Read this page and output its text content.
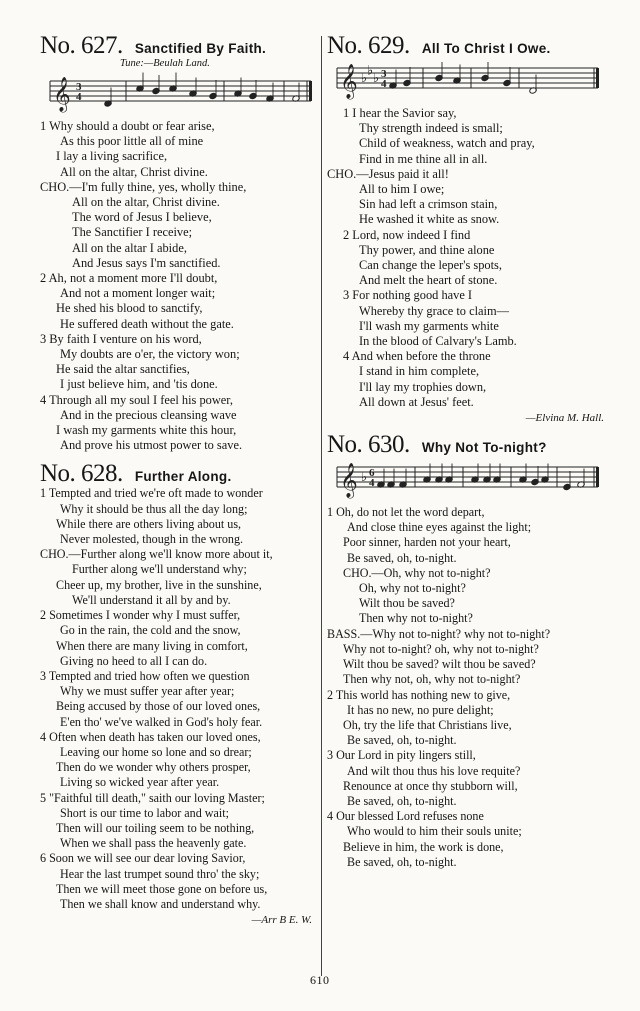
No. 627. Sanctified By Faith.
Tune:—Beulah Land.
𝄞 3
4
1 Why should a doubt or fear arise,
As this poor little all of mine
I lay a living sacrifice,
All on the altar, Christ divine.
CHO.—I'm fully thine, yes, wholly thine,
All on the altar, Christ divine.
The word of Jesus I believe,
The Sanctifier I receive;
All on the altar I abide,
And Jesus says I'm sanctified.
2 Ah, not a moment more I'll doubt,
And not a moment longer wait;
He shed his blood to sanctify,
He suffered death without the gate.
3 By faith I venture on his word,
My doubts are o'er, the victory won;
He said the altar sanctifies,
I just believe him, and 'tis done.
4 Through all my soul I feel his power,
And in the precious cleansing wave
I wash my garments white this hour,
And prove his utmost power to save.
No. 628. Further Along.
1 Tempted and tried we're oft made to wonder
Why it should be thus all the day long;
While there are others living about us,
Never molested, though in the wrong.
CHO.—Further along we'll know more about it,
Further along we'll understand why;
Cheer up, my brother, live in the sunshine,
We'll understand it all by and by.
2 Sometimes I wonder why I must suffer,
Go in the rain, the cold and the snow,
When there are many living in comfort,
Giving no heed to all I can do.
3 Tempted and tried how often we question
Why we must suffer year after year;
Being accused by those of our loved ones,
E'en tho' we've walked in God's holy fear.
4 Often when death has taken our loved ones,
Leaving our home so lone and so drear;
Then do we wonder why others prosper,
Living so wicked year after year.
5 "Faithful till death," saith our loving Master;
Short is our time to labor and wait;
Then will our toiling seem to be nothing,
When we shall pass the heavenly gate.
6 Soon we will see our dear loving Savior,
Hear the last trumpet sound thro' the sky;
Then we will meet those gone on before us,
Then we shall know and understand why.
—Arr B E. W.
No. 629. All To Christ I Owe.
𝄞 ♭ ♭ ♭ 3
4
1 I hear the Savior say,
Thy strength indeed is small;
Child of weakness, watch and pray,
Find in me thine all in all.
CHO.—Jesus paid it all!
All to him I owe;
Sin had left a crimson stain,
He washed it white as snow.
2 Lord, now indeed I find
Thy power, and thine alone
Can change the leper's spots,
And melt the heart of stone.
3 For nothing good have I
Whereby thy grace to claim—
I'll wash my garments white
In the blood of Calvary's Lamb.
4 And when before the throne
I stand in him complete,
I'll lay my trophies down,
All down at Jesus' feet.
—Elvina M. Hall.
No. 630. Why Not To-night?
𝄞 ♭ 6
4
1 Oh, do not let the word depart,
And close thine eyes against the light;
Poor sinner, harden not your heart,
Be saved, oh, to-night.
CHO.—Oh, why not to-night?
Oh, why not to-night?
Wilt thou be saved?
Then why not to-night?
BASS.—Why not to-night? why not to-night?
Why not to-night? oh, why not to-night?
Wilt thou be saved? wilt thou be saved?
Then why not, oh, why not to-night?
2 This world has nothing new to give,
It has no new, no pure delight;
Oh, try the life that Christians live,
Be saved, oh, to-night.
3 Our Lord in pity lingers still,
And wilt thou thus his love requite?
Renounce at once thy stubborn will,
Be saved, oh, to-night.
4 Our blessed Lord refuses none
Who would to him their souls unite;
Believe in him, the work is done,
Be saved, oh, to-night.
610
